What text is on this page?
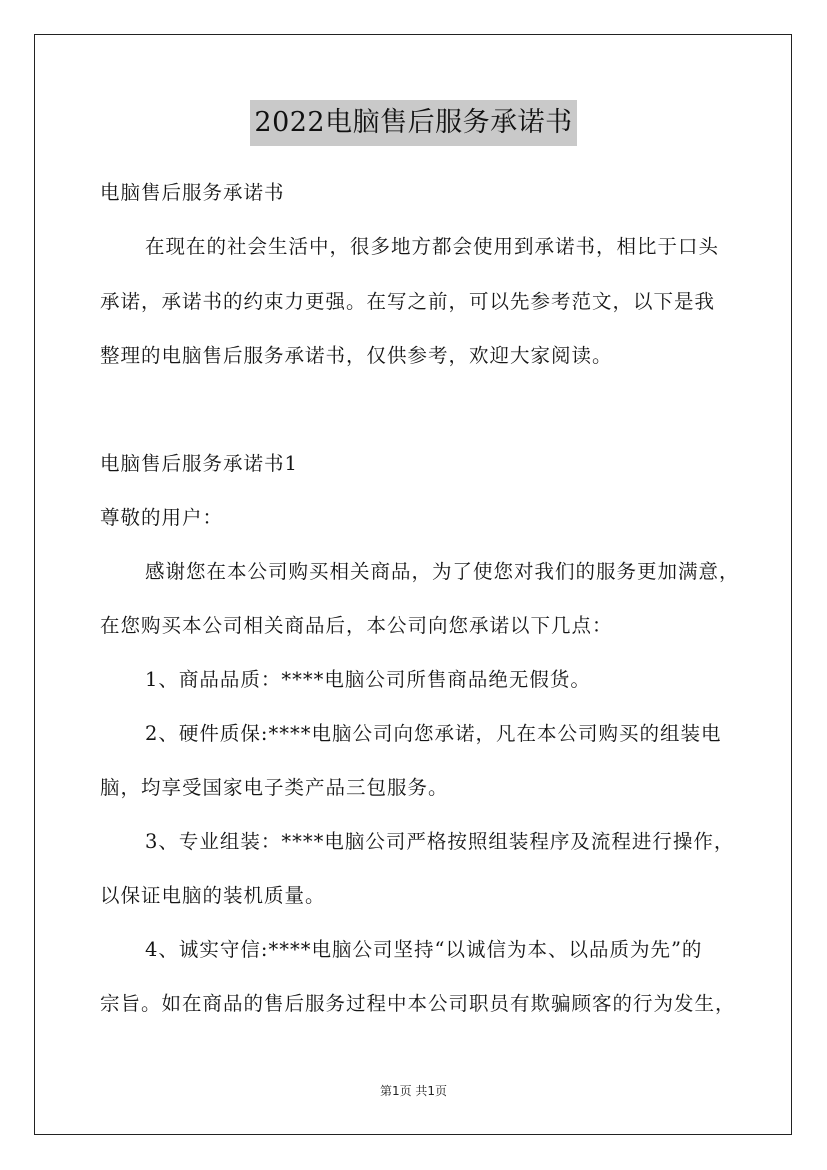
2022电脑售后服务承诺书
电脑售后服务承诺书
在现在的社会生活中，很多地方都会使用到承诺书，相比于口头
承诺，承诺书的约束力更强。在写之前，可以先参考范文，以下是我
整理的电脑售后服务承诺书，仅供参考，欢迎大家阅读。
电脑售后服务承诺书1
尊敬的用户：
感谢您在本公司购买相关商品，为了使您对我们的服务更加满意，
在您购买本公司相关商品后，本公司向您承诺以下几点：
1、商品品质：****电脑公司所售商品绝无假货。
2、硬件质保:****电脑公司向您承诺，凡在本公司购买的组装电
脑，均享受国家电子类产品三包服务。
3、专业组装：****电脑公司严格按照组装程序及流程进行操作，
以保证电脑的装机质量。
4、诚实守信:****电脑公司坚持“以诚信为本、以品质为先”的
宗旨。如在商品的售后服务过程中本公司职员有欺骗顾客的行为发生，
第1页 共1页
